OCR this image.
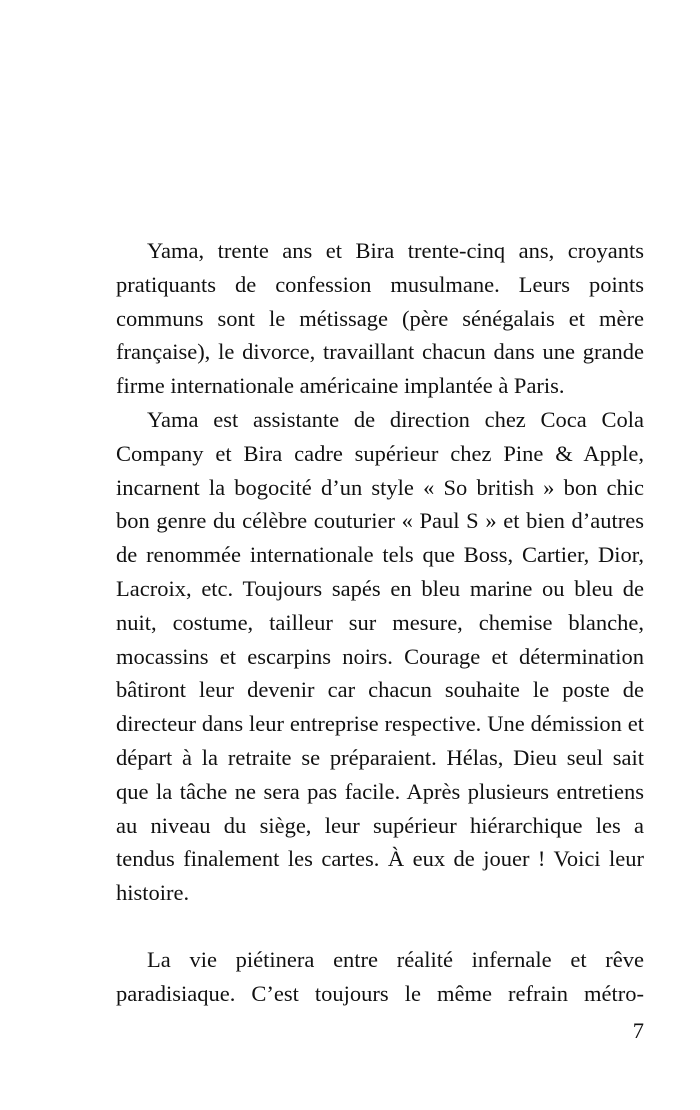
Yama, trente ans et Bira trente-cinq ans, croyants pratiquants de confession musulmane. Leurs points communs sont le métissage (père sénégalais et mère française), le divorce, travaillant chacun dans une grande firme internationale américaine implantée à Paris.

Yama est assistante de direction chez Coca Cola Company et Bira cadre supérieur chez Pine & Apple, incarnent la bogocité d’un style « So british » bon chic bon genre du célèbre couturier « Paul S » et bien d’autres de renommée internationale tels que Boss, Cartier, Dior, Lacroix, etc. Toujours sapés en bleu marine ou bleu de nuit, costume, tailleur sur mesure, chemise blanche, mocassins et escarpins noirs. Courage et détermination bâtiront leur devenir car chacun souhaite le poste de directeur dans leur entreprise respective. Une démission et départ à la retraite se préparaient. Hélas, Dieu seul sait que la tâche ne sera pas facile. Après plusieurs entretiens au niveau du siège, leur supérieur hiérarchique les a tendus finalement les cartes. À eux de jouer ! Voici leur histoire.

La vie piétinera entre réalité infernale et rêve paradisiaque. C’est toujours le même refrain métro-

7
